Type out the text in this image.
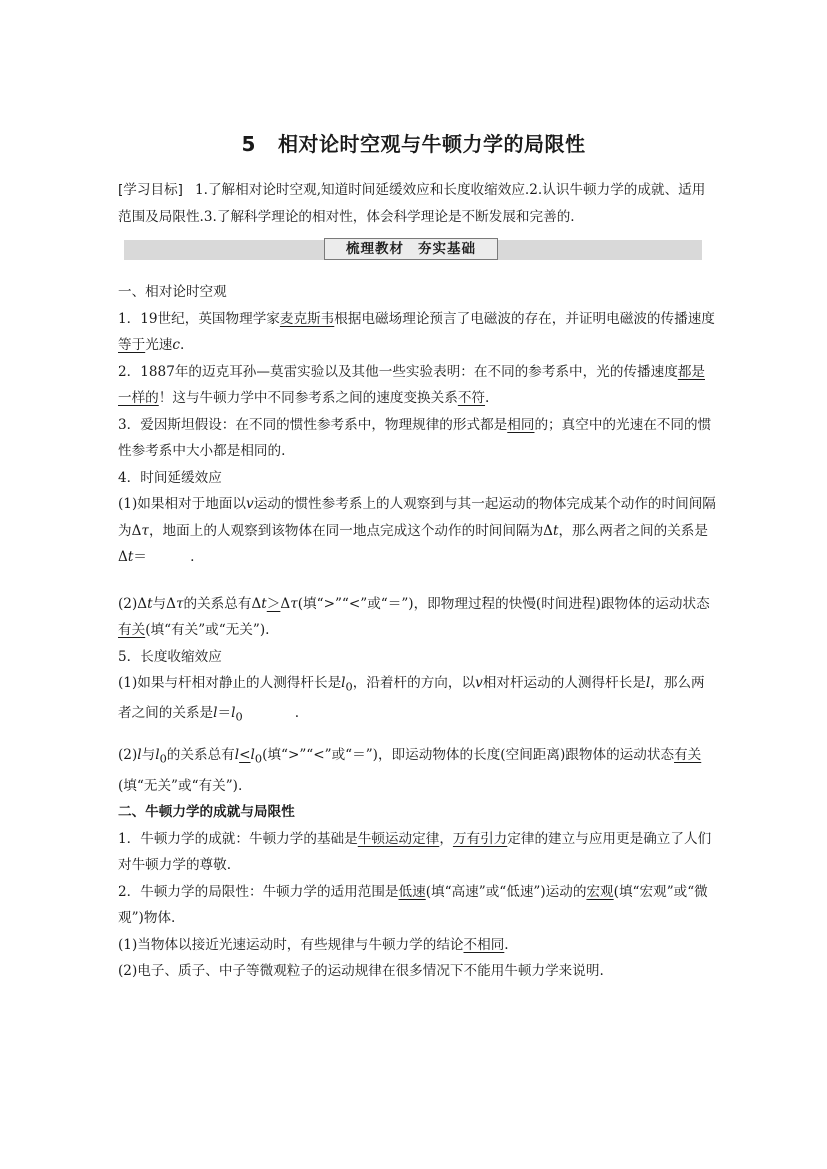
5 相对论时空观与牛顿力学的局限性
[学习目标] 1.了解相对论时空观,知道时间延缓效应和长度收缩效应.2.认识牛顿力学的成就、适用范围及局限性.3.了解科学理论的相对性，体会科学理论是不断发展和完善的.
梳理教材 夯实基础

一、相对论时空观

1．19世纪，英国物理学家麦克斯韦根据电磁场理论预言了电磁波的存在，并证明电磁波的传播速度等于光速c.

2．1887年的迈克耳孙—莫雷实验以及其他一些实验表明：在不同的参考系中，光的传播速度都是一样的！这与牛顿力学中不同参考系之间的速度变换关系不符.

3．爱因斯坦假设：在不同的惯性参考系中，物理规律的形式都是相同的；真空中的光速在不同的惯性参考系中大小都是相同的.

4．时间延缓效应

(1)如果相对于地面以v运动的惯性参考系上的人观察到与其一起运动的物体完成某个动作的时间间隔为Δτ，地面上的人观察到该物体在同一地点完成这个动作的时间间隔为Δt，那么两者之间的关系是Δt＝	.

(2)Δt与Δτ的关系总有Δt＞Δτ(填“>”“<”或“＝”)，即物理过程的快慢(时间进程)跟物体的运动状态有关(填“有关”或“无关”).

5．长度收缩效应

(1)如果与杆相对静止的人测得杆长是$l_0$，沿着杆的方向，以v相对杆运动的人测得杆长是l，那么两者之间的关系是$l=l_0$	.

(2)l与$l_0$的关系总有$l<l_0$(填“>”“<”或“＝”)，即运动物体的长度(空间距离)跟物体的运动状态有关(填“无关”或“有关”).

二、牛顿力学的成就与局限性

1．牛顿力学的成就：牛顿力学的基础是牛顿运动定律，万有引力定律的建立与应用更是确立了人们对牛顿力学的尊敬.

2．牛顿力学的局限性：牛顿力学的适用范围是低速(填“高速”或“低速”)运动的宏观(填“宏观”或“微观”)物体.

(1)当物体以接近光速运动时，有些规律与牛顿力学的结论不相同.

(2)电子、质子、中子等微观粒子的运动规律在很多情况下不能用牛顿力学来说明.
